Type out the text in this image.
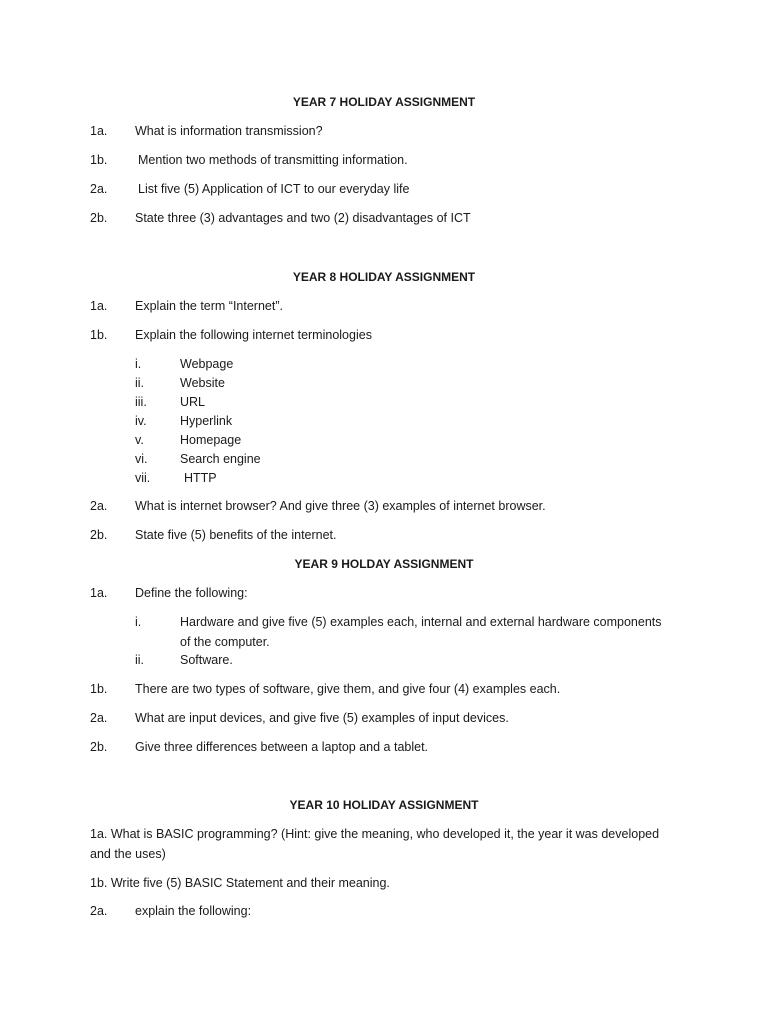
YEAR 7 HOLIDAY ASSIGNMENT
1a. What is information transmission?
1b. Mention two methods of transmitting information.
2a. List five (5) Application of ICT to our everyday life
2b. State three (3) advantages and two (2) disadvantages of ICT
YEAR 8 HOLIDAY ASSIGNMENT
1a. Explain the term “Internet”.
1b. Explain the following internet terminologies
i.	Webpage
ii.	Website
iii.	URL
iv.	Hyperlink
v.	Homepage
vi.	Search engine
vii.	HTTP
2a. What is internet browser? And give three (3) examples of internet browser.
2b. State five (5) benefits of the internet.
YEAR 9 HOLDAY ASSIGNMENT
1a. Define the following:
i.	Hardware and give five (5) examples each, internal and external hardware components of the computer.
ii.	Software.
1b. There are two types of software, give them, and give four (4) examples each.
2a. What are input devices, and give five (5) examples of input devices.
2b. Give three differences between a laptop and a tablet.
YEAR 10 HOLIDAY ASSIGNMENT
1a. What is BASIC programming? (Hint: give the meaning, who developed it, the year it was developed and the uses)
1b. Write five (5) BASIC Statement and their meaning.
2a. explain the following:
